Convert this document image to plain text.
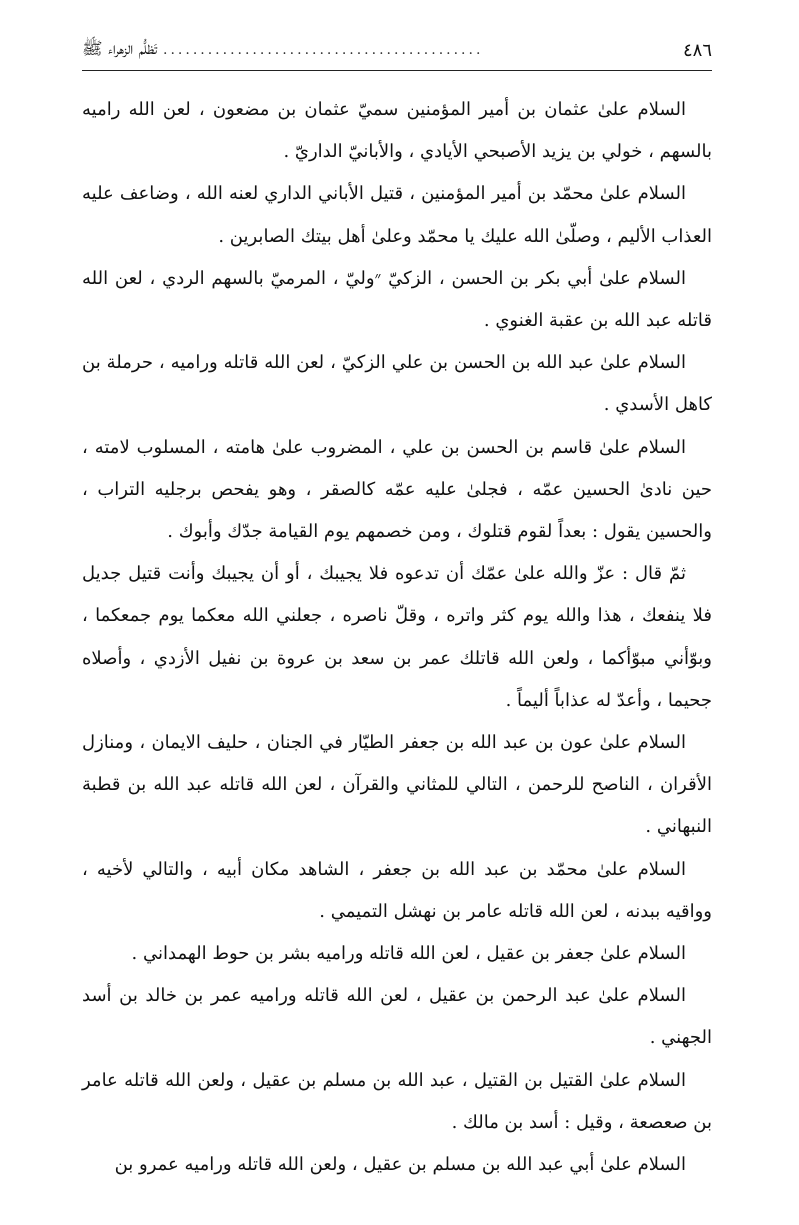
٤٨٦
...........................................
تَظلُّم الزهراء ﷺ

السلام علىٰ عثمان بن أمير المؤمنين سميّ عثمان بن مضعون ، لعن الله راميه بالسهم ، خولي بن يزيد الأصبحي الأيادي ، والأبانيّ الداريّ .

السلام علىٰ محمّد بن أمير المؤمنين ، قتيل الأباني الداري لعنه الله ، وضاعف عليه العذاب الأليم ، وصلّىٰ الله عليك يا محمّد وعلىٰ أهل بيتك الصابرين .

السلام علىٰ أبي بكر بن الحسن ، الزكيّ ״وليّ ، المرميّ بالسهم الردي ، لعن الله قاتله عبد الله بن عقبة الغنوي .

السلام علىٰ عبد الله بن الحسن بن علي الزكيّ ، لعن الله قاتله وراميه ، حرملة بن كاهل الأسدي .

السلام علىٰ قاسم بن الحسن بن علي ، المضروب علىٰ هامته ، المسلوب لامته ، حين نادىٰ الحسين عمّه ، فجلىٰ عليه عمّه كالصقر ، وهو يفحص برجليه التراب ، والحسين يقول : بعداً لقوم قتلوك ، ومن خصمهم يوم القيامة جدّك وأبوك .

ثمّ قال : عزّ والله علىٰ عمّك أن تدعوه فلا يجيبك ، أو أن يجيبك وأنت قتيل جديل فلا ينفعك ، هذا والله يوم كثر واتره ، وقلّ ناصره ، جعلني الله معكما يوم جمعكما ، وبوّأني مبوّأكما ، ولعن الله قاتلك عمر بن سعد بن عروة بن نفيل الأزدي ، وأصلاه جحيما ، وأعدّ له عذاباً أليماً .

السلام علىٰ عون بن عبد الله بن جعفر الطيّار في الجنان ، حليف الايمان ، ومنازل الأقران ، الناصح للرحمن ، التالي للمثاني والقرآن ، لعن الله قاتله عبد الله بن قطبة النبهاني .

السلام علىٰ محمّد بن عبد الله بن جعفر ، الشاهد مكان أبيه ، والتالي لأخيه ، وواقيه ببدنه ، لعن الله قاتله عامر بن نهشل التميمي .

السلام علىٰ جعفر بن عقيل ، لعن الله قاتله وراميه بشر بن حوط الهمداني .

السلام علىٰ عبد الرحمن بن عقيل ، لعن الله قاتله وراميه عمر بن خالد بن أسد الجهني .

السلام علىٰ القتيل بن القتيل ، عبد الله بن مسلم بن عقيل ، ولعن الله قاتله عامر بن صعصعة ، وقيل : أسد بن مالك .

السلام علىٰ أبي عبد الله بن مسلم بن عقيل ، ولعن الله قاتله وراميه عمرو بن
